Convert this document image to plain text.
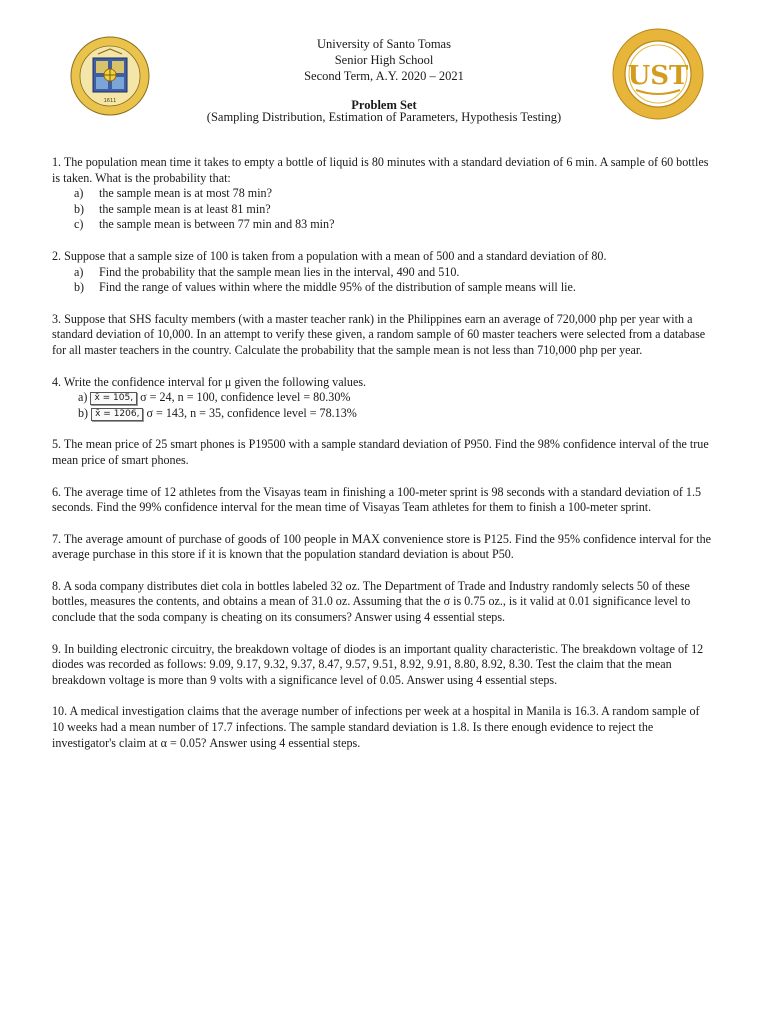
1611
UST
University of Santo Tomas
Senior High School
Second Term, A.Y. 2020 – 2021
Problem Set
(Sampling Distribution, Estimation of Parameters, Hypothesis Testing)

1. The population mean time it takes to empty a bottle of liquid is 80 minutes with a standard deviation of 6 min. A sample of 60 bottles is taken. What is the probability that:

a) the sample mean is at most 78 min?
b) the sample mean is at least 81 min?
c) the sample mean is between 77 min and 83 min?

2. Suppose that a sample size of 100 is taken from a population with a mean of 500 and a standard deviation of 80.

a) Find the probability that the sample mean lies in the interval, 490 and 510.
b) Find the range of values within where the middle 95% of the distribution of sample means will lie.

3. Suppose that SHS faculty members (with a master teacher rank) in the Philippines earn an average of 720,000 php per year with a standard deviation of 10,000. In an attempt to verify these given, a random sample of 60 master teachers were selected from a database for all master teachers in the country. Calculate the probability that the sample mean is not less than 710,000 php per year.

4. Write the confidence interval for μ given the following values.

a) x̄ = 105, σ = 24, n = 100, confidence level = 80.30%
b) x̄ = 1206, σ = 143, n = 35, confidence level = 78.13%

5. The mean price of 25 smart phones is P19500 with a sample standard deviation of P950. Find the 98% confidence interval of the true mean price of smart phones.

6. The average time of 12 athletes from the Visayas team in finishing a 100-meter sprint is 98 seconds with a standard deviation of 1.5 seconds. Find the 99% confidence interval for the mean time of Visayas Team athletes for them to finish a 100-meter sprint.

7. The average amount of purchase of goods of 100 people in MAX convenience store is P125. Find the 95% confidence interval for the average purchase in this store if it is known that the population standard deviation is about P50.

8. A soda company distributes diet cola in bottles labeled 32 oz. The Department of Trade and Industry randomly selects 50 of these bottles, measures the contents, and obtains a mean of 31.0 oz. Assuming that the σ is 0.75 oz., is it valid at 0.01 significance level to conclude that the soda company is cheating on its consumers? Answer using 4 essential steps.

9. In building electronic circuitry, the breakdown voltage of diodes is an important quality characteristic. The breakdown voltage of 12 diodes was recorded as follows: 9.09, 9.17, 9.32, 9.37, 8.47, 9.57, 9.51, 8.92, 9.91, 8.80, 8.92, 8.30. Test the claim that the mean breakdown voltage is more than 9 volts with a significance level of 0.05. Answer using 4 essential steps.

10. A medical investigation claims that the average number of infections per week at a hospital in Manila is 16.3. A random sample of 10 weeks had a mean number of 17.7 infections. The sample standard deviation is 1.8. Is there enough evidence to reject the investigator's claim at α = 0.05? Answer using 4 essential steps.
